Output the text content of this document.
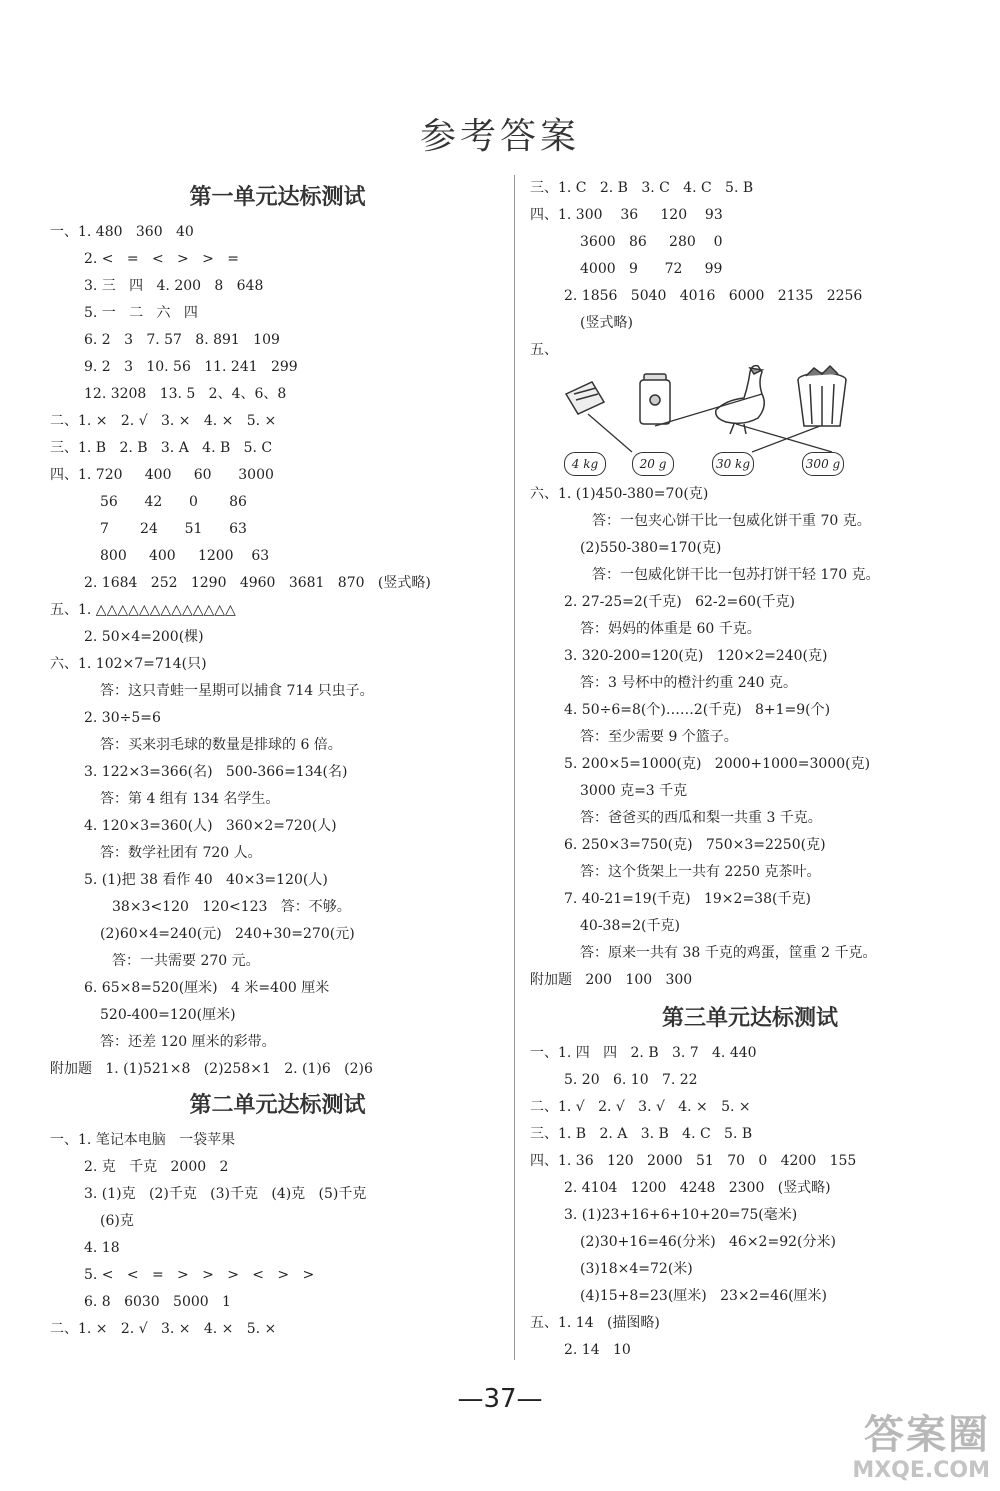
参考答案
第一单元达标测试
一、1. 480   360   40
2. <   =   <   >   >   =
3. 三   四   4. 200   8   648
5. 一   二   六   四
6. 2   3   7. 57   8. 891   109
9. 2   3   10. 56   11. 241   299
12. 3208   13. 5   2、4、6、8
二、1. ×   2. √   3. ×   4. ×   5. ×
三、1. B   2. B   3. A   4. B   5. C
四、1. 720     400     60      3000
56      42      0       86
7       24      51      63
800     400     1200    63
2. 1684   252   1290   4960   3681   870   (竖式略)
五、1. △△△△△△△△△△△△△
2. 50×4=200(棵)
六、1. 102×7=714(只)
答：这只青蛙一星期可以捕食 714 只虫子。
2. 30÷5=6
答：买来羽毛球的数量是排球的 6 倍。
3. 122×3=366(名)   500-366=134(名)
答：第 4 组有 134 名学生。
4. 120×3=360(人)   360×2=720(人)
答：数学社团有 720 人。
5. (1)把 38 看作 40   40×3=120(人)
38×3<120   120<123   答：不够。
(2)60×4=240(元)   240+30=270(元)
答：一共需要 270 元。
6. 65×8=520(厘米)   4 米=400 厘米
520-400=120(厘米)
答：还差 120 厘米的彩带。
附加题   1. (1)521×8   (2)258×1   2. (1)6   (2)6
第二单元达标测试
一、1. 笔记本电脑   一袋苹果
2. 克   千克   2000   2
3. (1)克   (2)千克   (3)千克   (4)克   (5)千克
(6)克
4. 18
5. <   <   =   >   >   >   <   >   >
6. 8   6030   5000   1
二、1. ×   2. √   3. ×   4. ×   5. ×
三、1. C   2. B   3. C   4. C   5. B
四、1. 300    36     120    93
3600   86     280    0
4000   9      72     99
2. 1856   5040   4016   6000   2135   2256
(竖式略)
五、
4 kg	20 g	30 kg	300 g
六、1. (1)450-380=70(克)
答：一包夹心饼干比一包威化饼干重 70 克。
(2)550-380=170(克)
答：一包威化饼干比一包苏打饼干轻 170 克。
2. 27-25=2(千克)   62-2=60(千克)
答：妈妈的体重是 60 千克。
3. 320-200=120(克)   120×2=240(克)
答：3 号杯中的橙汁约重 240 克。
4. 50÷6=8(个)……2(千克)   8+1=9(个)
答：至少需要 9 个篮子。
5. 200×5=1000(克)   2000+1000=3000(克)
3000 克=3 千克
答：爸爸买的西瓜和梨一共重 3 千克。
6. 250×3=750(克)   750×3=2250(克)
答：这个货架上一共有 2250 克茶叶。
7. 40-21=19(千克)   19×2=38(千克)
40-38=2(千克)
答：原来一共有 38 千克的鸡蛋，筐重 2 千克。
附加题   200   100   300
第三单元达标测试
一、1. 四   四   2. B   3. 7   4. 440
5. 20   6. 10   7. 22
二、1. √   2. √   3. √   4. ×   5. ×
三、1. B   2. A   3. B   4. C   5. B
四、1. 36   120   2000   51   70   0   4200   155
2. 4104   1200   4248   2300   (竖式略)
3. (1)23+16+6+10+20=75(毫米)
(2)30+16=46(分米)   46×2=92(分米)
(3)18×4=72(米)
(4)15+8=23(厘米)   23×2=46(厘米)
五、1. 14   (描图略)
2. 14   10
—37—
答案圈
MXQE.COM
